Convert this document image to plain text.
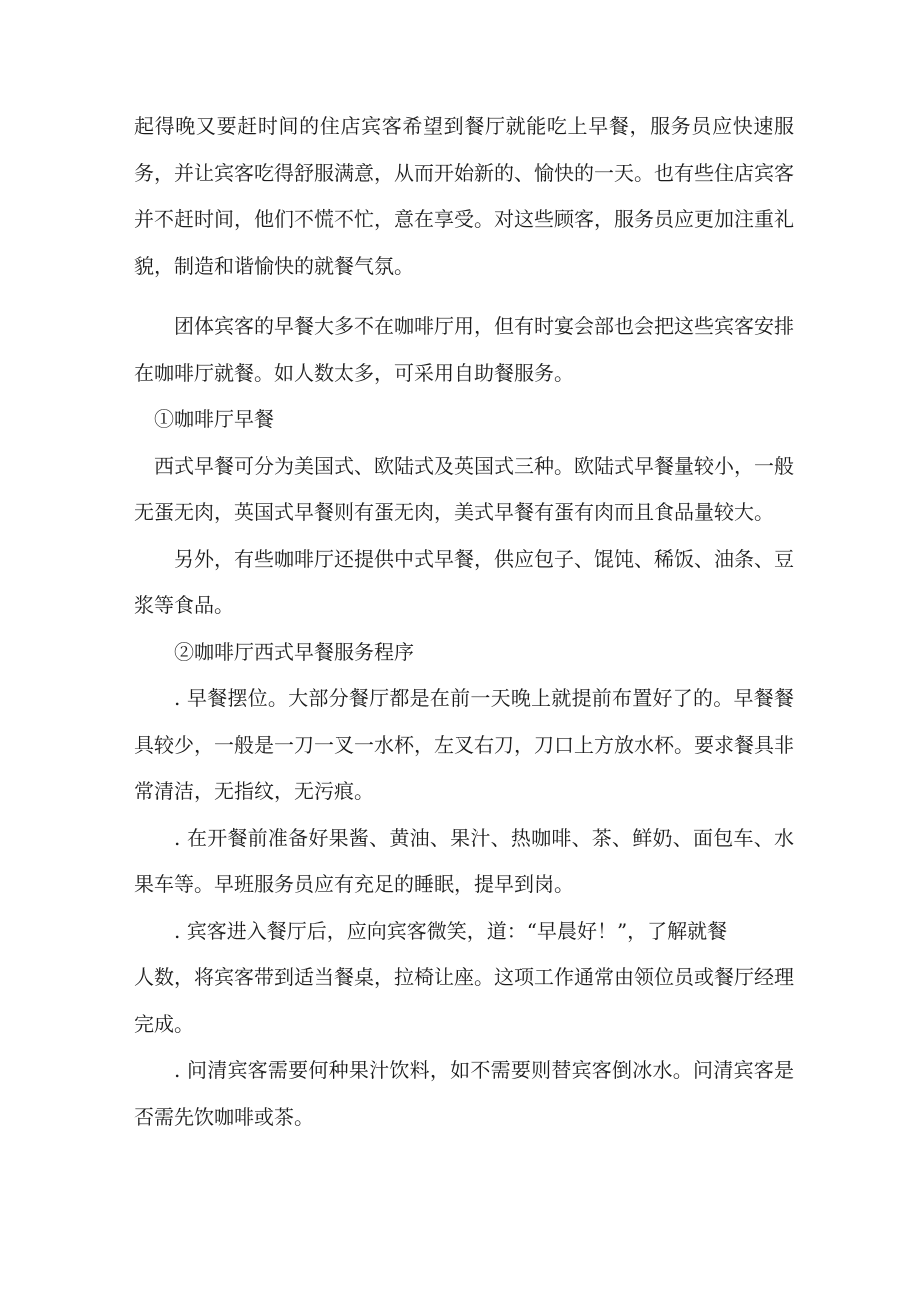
起得晚又要赶时间的住店宾客希望到餐厅就能吃上早餐，服务员应快速服务，并让宾客吃得舒服满意，从而开始新的、愉快的一天。也有些住店宾客并不赶时间，他们不慌不忙，意在享受。对这些顾客，服务员应更加注重礼貌，制造和谐愉快的就餐气氛。

团体宾客的早餐大多不在咖啡厅用，但有时宴会部也会把这些宾客安排在咖啡厅就餐。如人数太多，可采用自助餐服务。

①咖啡厅早餐

西式早餐可分为美国式、欧陆式及英国式三种。欧陆式早餐量较小，一般无蛋无肉，英国式早餐则有蛋无肉，美式早餐有蛋有肉而且食品量较大。

另外，有些咖啡厅还提供中式早餐，供应包子、馄饨、稀饭、油条、豆浆等食品。

②咖啡厅西式早餐服务程序

. 早餐摆位。大部分餐厅都是在前一天晚上就提前布置好了的。早餐餐具较少，一般是一刀一叉一水杯，左叉右刀，刀口上方放水杯。要求餐具非常清洁，无指纹，无污痕。

. 在开餐前准备好果酱、黄油、果汁、热咖啡、茶、鲜奶、面包车、水果车等。早班服务员应有充足的睡眠，提早到岗。

. 宾客进入餐厅后，应向宾客微笑，道：“早晨好！”，了解就餐

人数，将宾客带到适当餐桌，拉椅让座。这项工作通常由领位员或餐厅经理完成。

. 问清宾客需要何种果汁饮料，如不需要则替宾客倒冰水。问清宾客是否需先饮咖啡或茶。
